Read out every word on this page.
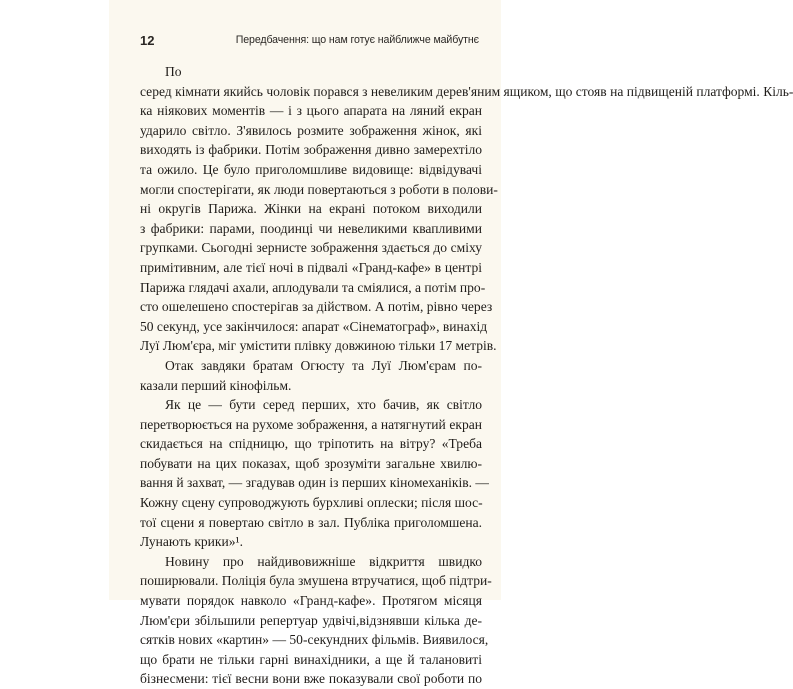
12	Передбачення: що нам готує найближче майбутнє
По
серед кімнати якийсь чоловік порався з невеликим дерев'яним ящиком, що стояв на підвищеній платформі. Кіль-
ка ніякових моментів — і з цього апарата на ляний екран
ударило світло. З'явилось розмите зображення жінок, які
виходять із фабрики. Потім зображення дивно замерехтіло
та ожило. Це було приголомшливе видовище: відвідувачі
могли спостерігати, як люди повертаються з роботи в полови-
ні округів Парижа. Жінки на екрані потоком виходили
з фабрики: парами, поодинці чи невеликими квапливими
групками. Сьогодні зернисте зображення здається до сміху
примітивним, але тієї ночі в підвалі «Гранд-кафе» в центрі
Парижа глядачі ахали, аплодували та сміялися, а потім про-
сто ошелешено спостерігав за дійством. А потім, рівно через
50 секунд, усе закінчилося: апарат «Сінематограф», винахід
Луї Люм'єра, міг умістити плівку довжиною тільки 17 метрів.
Отак завдяки братам Огюсту та Луї Люм'єрам по-
казали перший кінофільм.
Як це — бути серед перших, хто бачив, як світло
перетворюється на рухоме зображення, а натягнутий екран
скидається на спідницю, що тріпотить на вітру? «Треба
побувати на цих показах, щоб зрозуміти загальне хвилю-
вання й захват, — згадував один із перших кіномеханіків. —
Кожну сцену супроводжують бурхливі оплески; після шос-
тої сцени я повертаю світло в зал. Публіка приголомшена.
Лунають крики»¹.
Новину про найдивовижніше відкриття швидко
поширювали. Поліція була змушена втручатися, щоб підтри-
мувати порядок навколо «Гранд-кафе». Протягом місяця
Люм'єри збільшили репертуар удвічі,відзнявши кілька де-
сятків нових «картин» — 50-секундних фільмів. Виявилося,
що брати не тільки гарні винахідники, а ще й талановиті
бізнесмени: тієї весни вони вже показували свої роботи по
